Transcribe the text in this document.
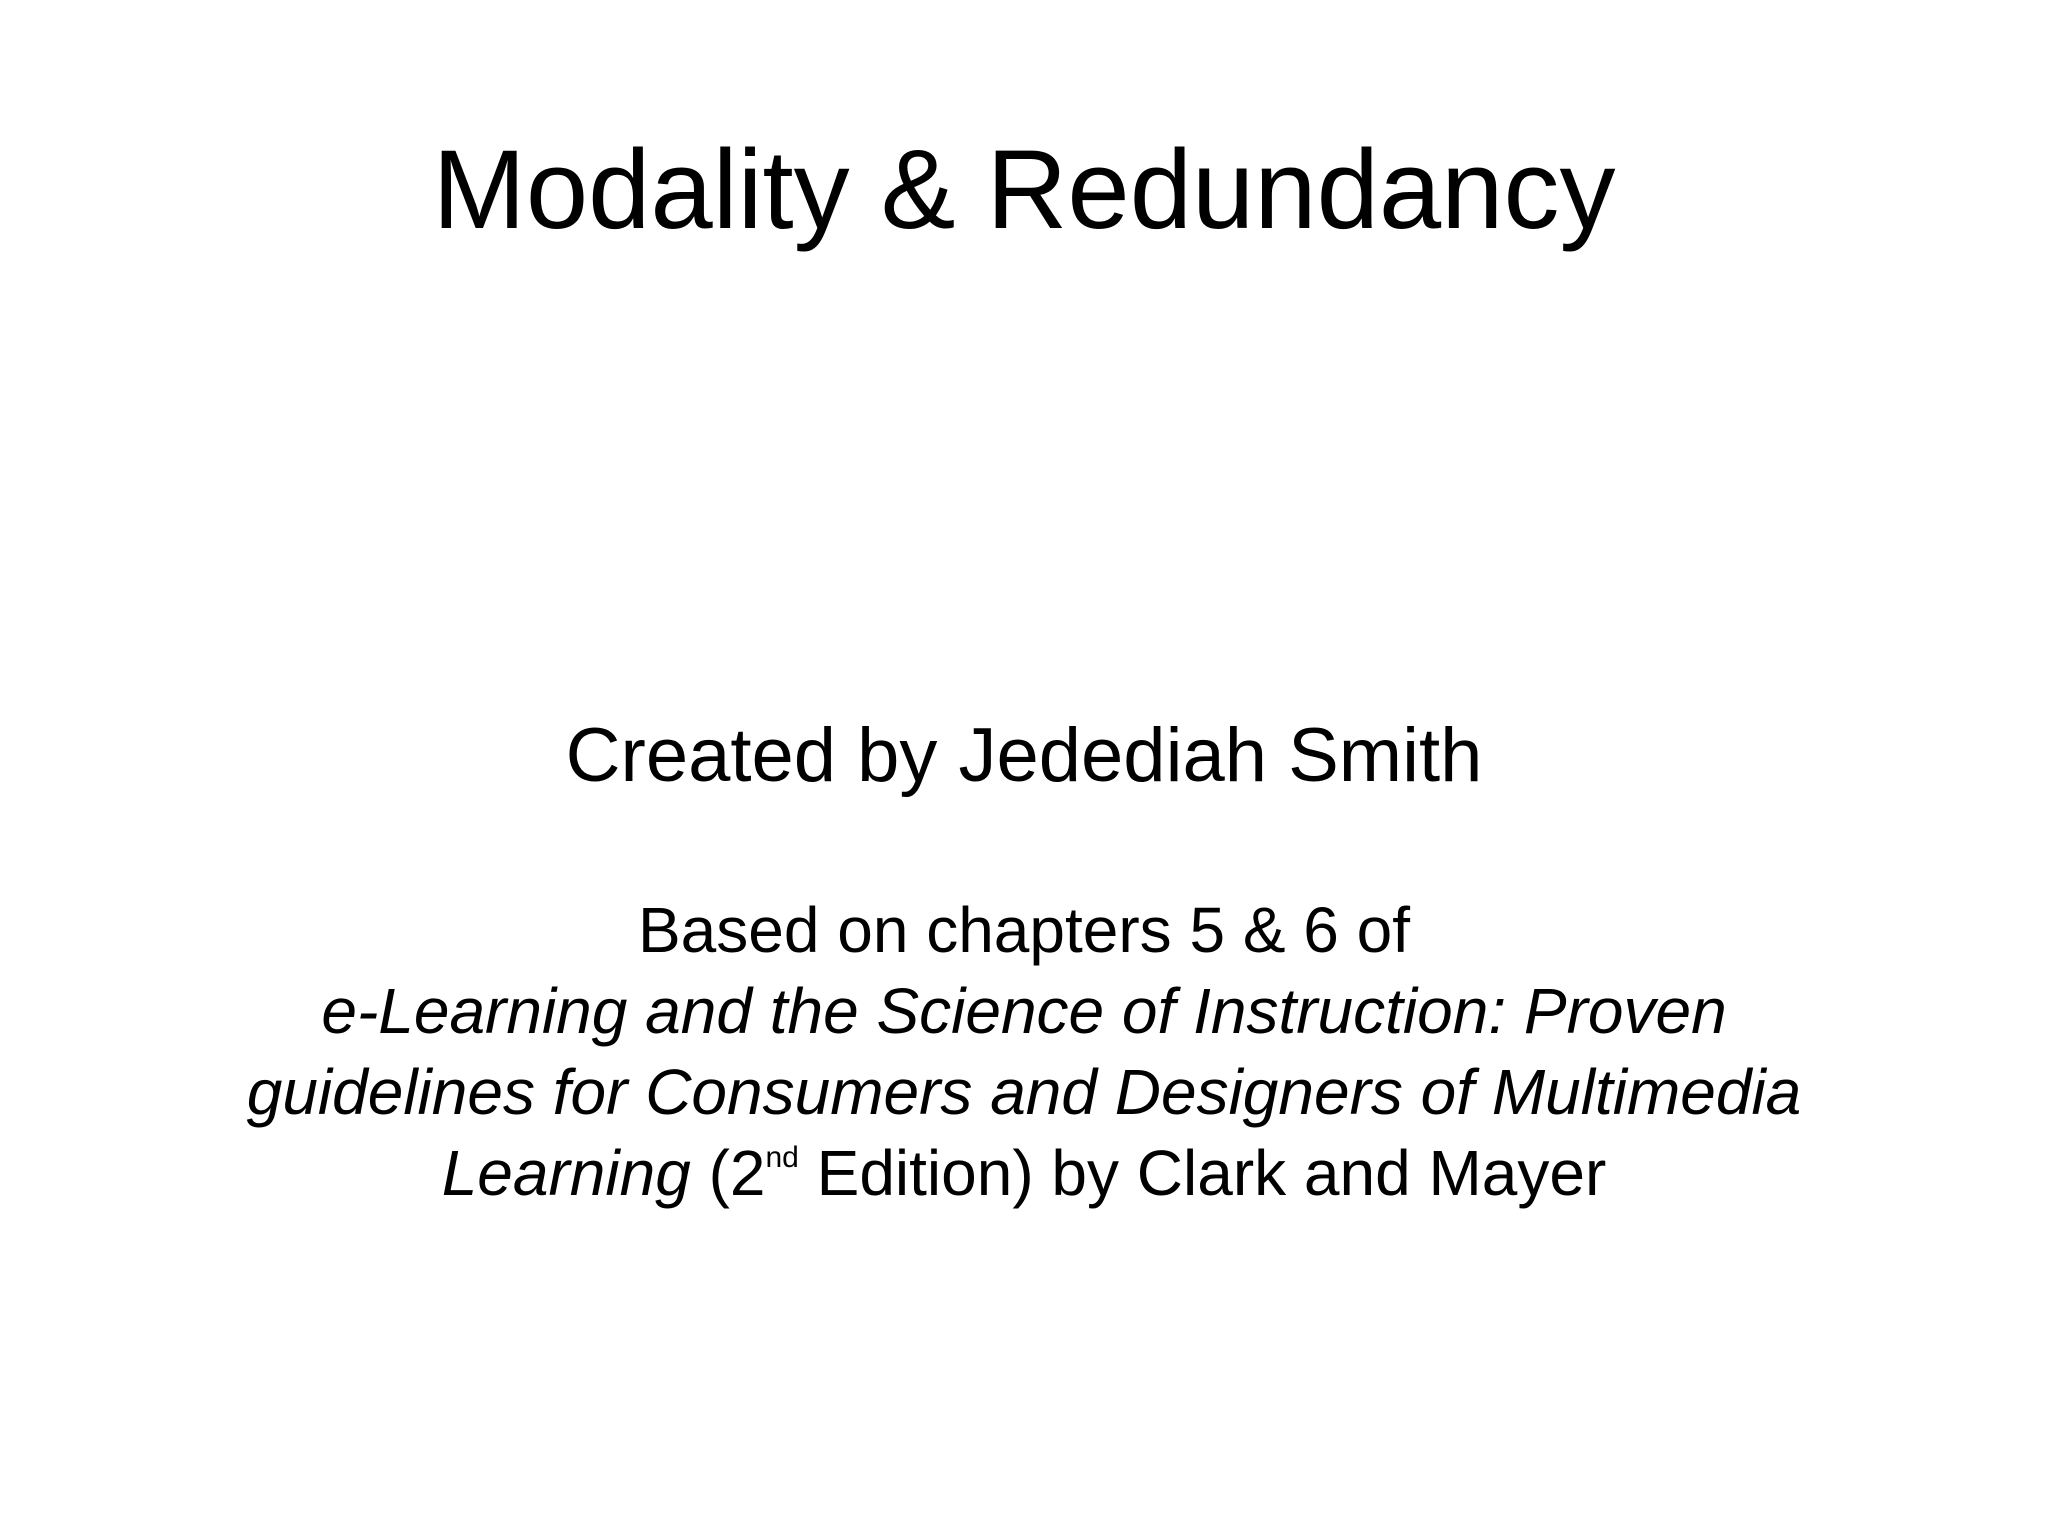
Modality & Redundancy
Created by Jedediah Smith
Based on chapters 5 & 6 of
e-Learning and the Science of Instruction: Proven
guidelines for Consumers and Designers of Multimedia
Learning (2nd Edition) by Clark and Mayer
